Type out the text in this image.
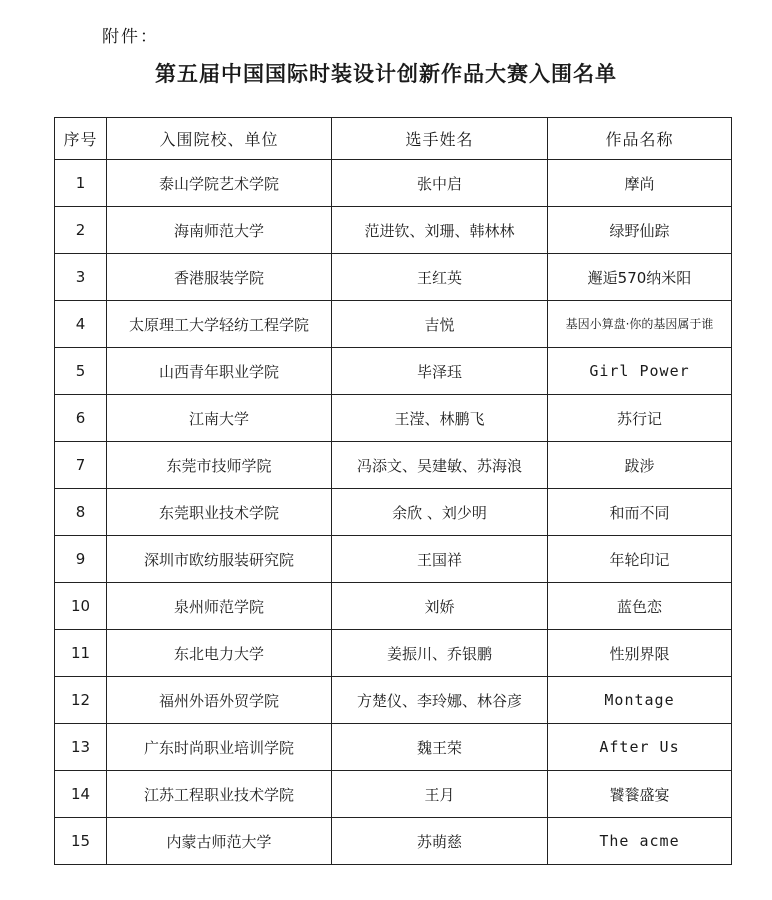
附件：
第五届中国国际时装设计创新作品大赛入围名单
序号	入围院校、单位	选手姓名	作品名称
1	泰山学院艺术学院	张中启	摩尚
2	海南师范大学	范进钦、刘珊、韩林林	绿野仙踪
3	香港服装学院	王红英	邂逅570纳米阳
4	太原理工大学轻纺工程学院	吉悦	基因小算盘·你的基因属于谁
5	山西青年职业学院	毕泽珏	Girl Power
6	江南大学	王滢、林鹏飞	苏行记
7	东莞市技师学院	冯添文、吴建敏、苏海浪	跋涉
8	东莞职业技术学院	余欣 、刘少明	和而不同
9	深圳市欧纺服装研究院	王国祥	年轮印记
10	泉州师范学院	刘娇	蓝色恋
11	东北电力大学	姜振川、乔银鹏	性别界限
12	福州外语外贸学院	方楚仪、李玲娜、林谷彦	Montage
13	广东时尚职业培训学院	魏王荣	After Us
14	江苏工程职业技术学院	王月	饕餮盛宴
15	内蒙古师范大学	苏萌慈	The acme
